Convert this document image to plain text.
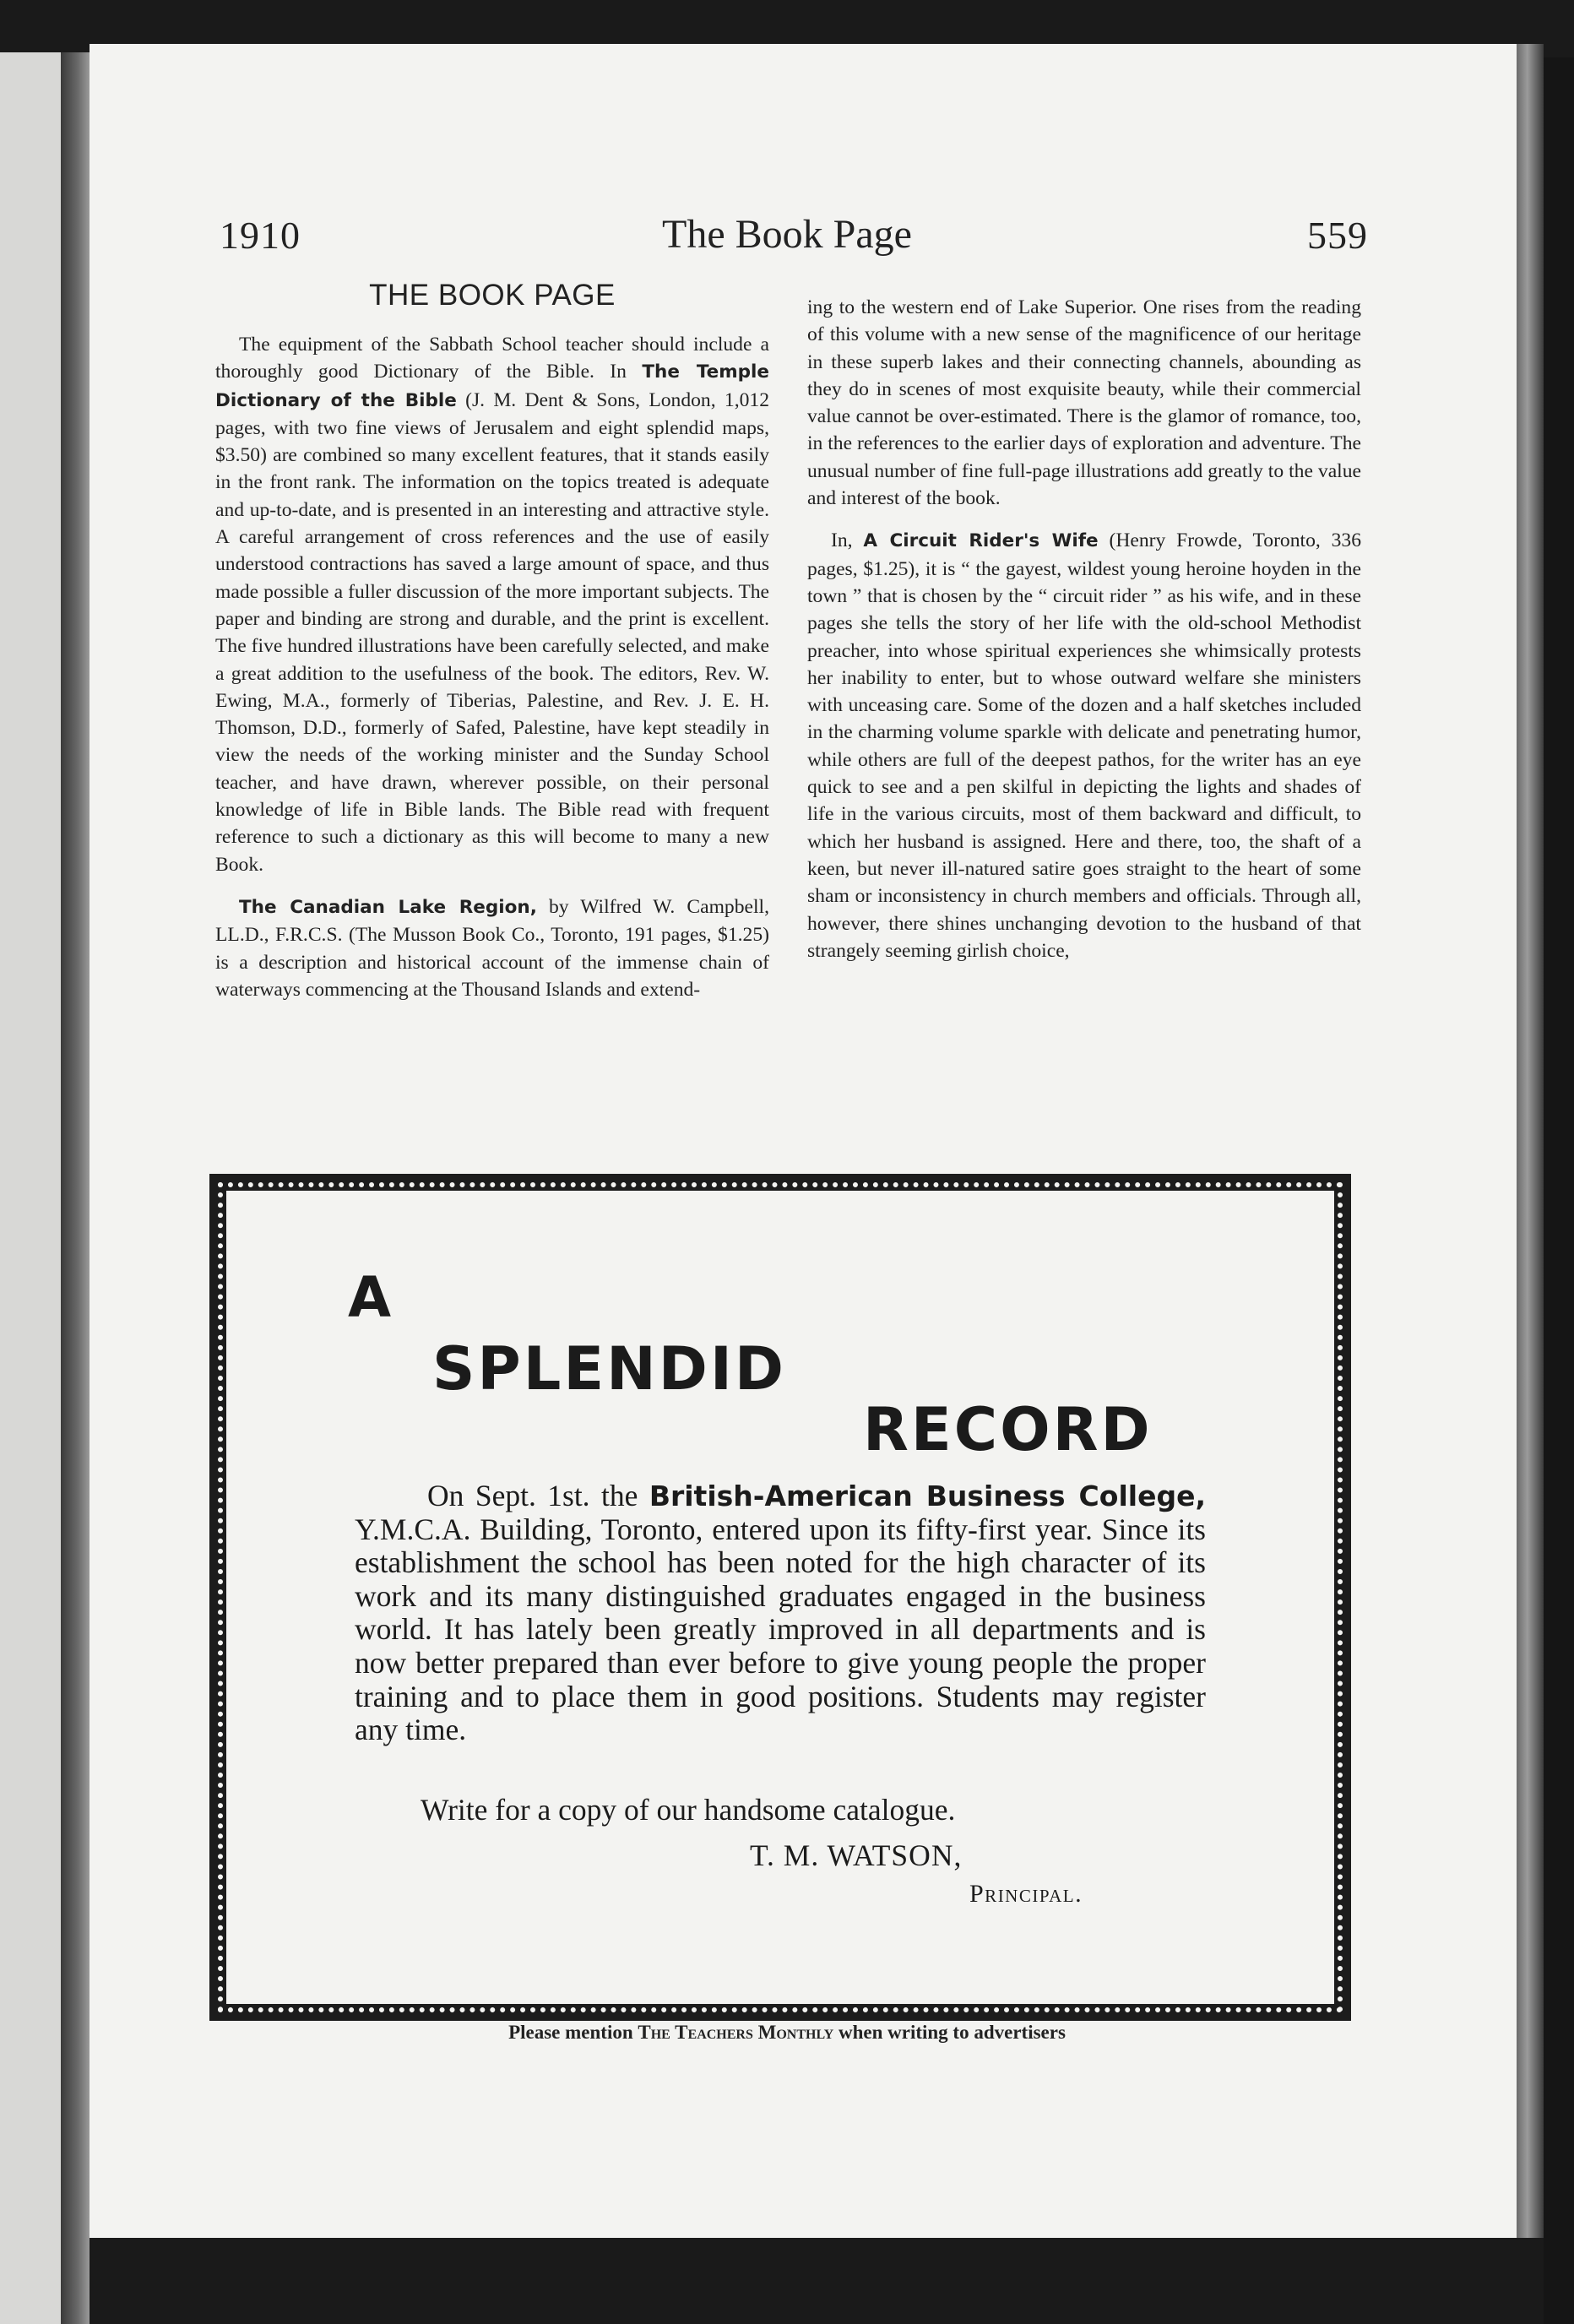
1910	The Book Page	559
THE BOOK PAGE

The equipment of the Sabbath School teacher should include a thoroughly good Dictionary of the Bible. In The Temple Dictionary of the Bible (J. M. Dent & Sons, London, 1,012 pages, with two fine views of Jerusalem and eight splendid maps, $3.50) are combined so many excellent features, that it stands easily in the front rank. The information on the topics treated is adequate and up-to-date, and is presented in an interesting and attractive style. A careful arrangement of cross references and the use of easily understood contractions has saved a large amount of space, and thus made possible a fuller discussion of the more important subjects. The paper and binding are strong and durable, and the print is excellent. The five hundred illustrations have been carefully selected, and make a great addition to the usefulness of the book. The editors, Rev. W. Ewing, M.A., formerly of Tiberias, Palestine, and Rev. J. E. H. Thomson, D.D., formerly of Safed, Palestine, have kept steadily in view the needs of the working minister and the Sunday School teacher, and have drawn, wherever possible, on their personal knowledge of life in Bible lands. The Bible read with frequent reference to such a dictionary as this will become to many a new Book.

The Canadian Lake Region, by Wilfred W. Campbell, LL.D., F.R.C.S. (The Musson Book Co., Toronto, 191 pages, $1.25) is a description and historical account of the immense chain of waterways commencing at the Thousand Islands and extend-

ing to the western end of Lake Superior. One rises from the reading of this volume with a new sense of the magnificence of our heritage in these superb lakes and their connecting channels, abounding as they do in scenes of most exquisite beauty, while their commercial value cannot be over-estimated. There is the glamor of romance, too, in the references to the earlier days of exploration and adventure. The unusual number of fine full-page illustrations add greatly to the value and interest of the book.

In, A Circuit Rider's Wife (Henry Frowde, Toronto, 336 pages, $1.25), it is “ the gayest, wildest young heroine hoyden in the town ” that is chosen by the “ circuit rider ” as his wife, and in these pages she tells the story of her life with the old-school Methodist preacher, into whose spiritual experiences she whimsically protests her inability to enter, but to whose outward welfare she ministers with unceasing care. Some of the dozen and a half sketches included in the charming volume sparkle with delicate and penetrating humor, while others are full of the deepest pathos, for the writer has an eye quick to see and a pen skilful in depicting the lights and shades of life in the various circuits, most of them backward and difficult, to which her husband is assigned. Here and there, too, the shaft of a keen, but never ill-natured satire goes straight to the heart of some sham or inconsistency in church members and officials. Through all, however, there shines unchanging devotion to the husband of that strangely seeming girlish choice,

A
SPLENDID
RECORD

On Sept. 1st. the British-American Business College, Y.M.C.A. Building, Toronto, entered upon its fifty-first year. Since its establishment the school has been noted for the high character of its work and its many distinguished graduates engaged in the business world. It has lately been greatly improved in all departments and is now better prepared than ever before to give young people the proper training and to place them in good positions. Students may register any time.

Write for a copy of our handsome catalogue.
T. M. WATSON,
Principal.
Please mention The Teachers Monthly when writing to advertisers
